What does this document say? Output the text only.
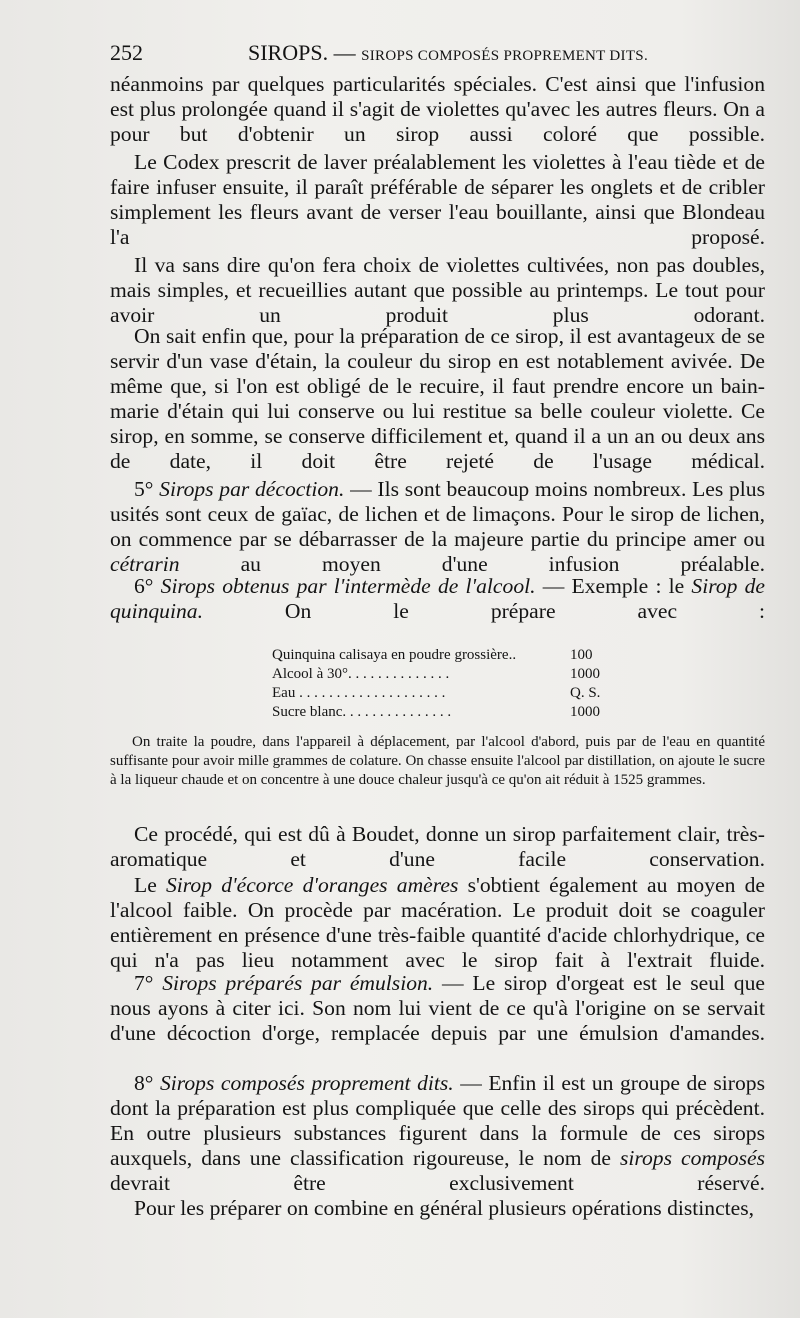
252	SIROPS. — SIROPS COMPOSÉS PROPREMENT DITS.

néanmoins par quelques particularités spéciales. C'est ainsi que l'infusion est plus prolongée quand il s'agit de violettes qu'avec les autres fleurs. On a pour but d'obtenir un sirop aussi coloré que possible.

Le Codex prescrit de laver préalablement les violettes à l'eau tiède et de faire infuser ensuite, il paraît préférable de séparer les onglets et de cribler simplement les fleurs avant de verser l'eau bouillante, ainsi que Blondeau l'a proposé.

Il va sans dire qu'on fera choix de violettes cultivées, non pas doubles, mais simples, et recueillies autant que possible au printemps. Le tout pour avoir un produit plus odorant.

On sait enfin que, pour la préparation de ce sirop, il est avantageux de se servir d'un vase d'étain, la couleur du sirop en est notablement avivée. De même que, si l'on est obligé de le recuire, il faut prendre encore un bain-marie d'étain qui lui conserve ou lui restitue sa belle couleur violette. Ce sirop, en somme, se conserve difficilement et, quand il a un an ou deux ans de date, il doit être rejeté de l'usage médical.

5° Sirops par décoction. — Ils sont beaucoup moins nombreux. Les plus usités sont ceux de gaïac, de lichen et de limaçons. Pour le sirop de lichen, on commence par se débarrasser de la majeure partie du principe amer ou cétrarin au moyen d'une infusion préalable.

6° Sirops obtenus par l'intermède de l'alcool. — Exemple : le Sirop de quinquina. On le prépare avec :

Quinquina calisaya en poudre grossière..	100
Alcool à 30°. . . . . . . . . . . . . .	1000
Eau . . . . . . . . . . . . . . . . . . . .	Q. S.
Sucre blanc. . . . . . . . . . . . . . .	1000

On traite la poudre, dans l'appareil à déplacement, par l'alcool d'abord, puis par de l'eau en quantité suffisante pour avoir mille grammes de colature. On chasse ensuite l'alcool par distillation, on ajoute le sucre à la liqueur chaude et on concentre à une douce chaleur jusqu'à ce qu'on ait réduit à 1525 grammes.

Ce procédé, qui est dû à Boudet, donne un sirop parfaitement clair, très-aromatique et d'une facile conservation.

Le Sirop d'écorce d'oranges amères s'obtient également au moyen de l'alcool faible. On procède par macération. Le produit doit se coaguler entièrement en présence d'une très-faible quantité d'acide chlorhydrique, ce qui n'a pas lieu notamment avec le sirop fait à l'extrait fluide.

7° Sirops préparés par émulsion. — Le sirop d'orgeat est le seul que nous ayons à citer ici. Son nom lui vient de ce qu'à l'origine on se servait d'une décoction d'orge, remplacée depuis par une émulsion d'amandes.

8° Sirops composés proprement dits. — Enfin il est un groupe de sirops dont la préparation est plus compliquée que celle des sirops qui précèdent. En outre plusieurs substances figurent dans la formule de ces sirops auxquels, dans une classification rigoureuse, le nom de sirops composés devrait être exclusivement réservé.

Pour les préparer on combine en général plusieurs opérations distinctes,
